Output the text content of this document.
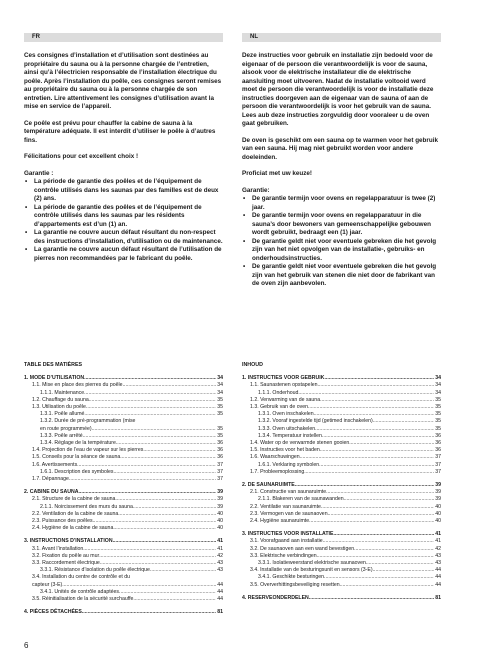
FR	NL

Ces consignes d’installation et d’utilisation sont destinées au propriétaire du sauna ou à la personne chargée de l’entretien, ainsi qu’à l’électricien responsable de l’installation électrique du poêle. Après l’installation du poêle, ces consignes seront remises au propriétaire du sauna ou à la personne chargée de son entretien. Lire attentivement les consignes d’utilisation avant la mise en service de l’appareil.

Ce poêle est prévu pour chauffer la cabine de sauna à la température adéquate. Il est interdit d’utiliser le poêle à d’autres fins.

Félicitations pour cet excellent choix !

Garantie :

• La période de garantie des poêles et de l’équipement de contrôle utilisés dans les saunas par des familles est de deux (2) ans.
• La période de garantie des poêles et de l’équipement de contrôle utilisés dans les saunas par les résidents d’appartements est d’un (1) an.
• La garantie ne couvre aucun défaut résultant du non-respect des instructions d’installation, d’utilisation ou de maintenance.
• La garantie ne couvre aucun défaut résultant de l’utilisation de pierres non recommandées par le fabricant du poêle.

Deze instructies voor gebruik en installatie zijn bedoeld voor de eigenaar of de persoon die verantwoordelijk is voor de sauna, alsook voor de elektrische installateur die de elektrische aansluiting moet uitvoeren. Nadat de installatie voltooid werd moet de persoon die verantwoordelijk is voor de installatie deze instructies doorgeven aan de eigenaar van de sauna of aan de persoon die verantwoordelijk is voor het gebruik van de sauna. Lees aub deze instructies zorgvuldig door vooraleer u de oven gaat gebruiken.

De oven is geschikt om een sauna op te warmen voor het gebruik van een sauna. Hij mag niet gebruikt worden voor andere doeleinden.

Proficiat met uw keuze!

Garantie:

• De garantie termijn voor ovens en regelapparatuur is twee (2) jaar.
• De garantie termijn voor ovens en regelapparatuur in die sauna’s door bewoners van gemeenschappelijke gebouwen wordt gebruikt, bedraagt een (1) jaar.
• De garantie geldt niet voor eventuele gebreken die het gevolg zijn van het niet opvolgen van de installatie-, gebruiks- en onderhoudsinstructies.
• De garantie geldt niet voor eventuele gebreken die het gevolg zijn van het gebruik van stenen die niet door de fabrikant van de oven zijn aanbevolen.
TABLE DES MATIÈRES
1. MODE D’UTILISATION .....	34
1.1. Mise en place des pierres du poêle .....	34
1.1.1. Maintenance .....	34
1.2. Chauffage du sauna .....	35
1.3. Utilisation du poêle .....	35
1.3.1. Poêle allumé .....	35
1.3.2. Durée de pré-programmation (mise
en route programmée) .....	35
1.3.3. Poêle arrêté .....	35
1.3.4. Réglage de la température .....	36
1.4. Projection de l’eau de vapeur sur les pierres .....	36
1.5. Conseils pour la séance de sauna .....	36
1.6. Avertissements .....	37
1.6.1. Description des symboles .....	37
1.7. Dépannage .....	37
2. CABINE DU SAUNA .....	39
2.1. Structure de la cabine de sauna .....	39
2.1.1. Noircissement des murs du sauna .....	39
2.2. Ventilation de la cabine de sauna .....	40
2.3. Puissance des poêles .....	40
2.4. Hygiène de la cabine de sauna .....	40
3. INSTRUCTIONS D’INSTALLATION .....	41
3.1. Avant l’installation .....	41
3.2. Fixation du poêle au mur .....	42
3.3. Raccordement électrique .....	43
3.3.1. Résistance d’isolation du poêle électrique .....	43
3.4. Installation du centre de contrôle et du
capteur (3-E) .....	44
3.4.1. Unités de contrôle adaptées .....	44
3.5. Réinitialisation de la sécurité surchauffe .....	44
4. PIÈCES DÉTACHÉES .....	81
INHOUD
1. INSTRUCTIES VOOR GEBRUIK .....	34
1.1. Saunastenen opstapelen .....	34
1.1.1. Onderhoud .....	34
1.2. Verwarming van de sauna .....	35
1.3. Gebruik van de oven .....	35
1.3.1. Oven inschakelen .....	35
1.3.2. Vooraf ingestelde tijd (getimed inschakelen) .....	35
1.3.3. Oven uitschakelen .....	35
1.3.4. Temperatuur instellen .....	36
1.4. Water op de verwarmde stenen gooien .....	36
1.5. Instructies voor het baden .....	36
1.6. Waarschuwingen .....	37
1.6.1. Verklaring symbolen .....	37
1.7. Probleemoplossing .....	37
2. DE SAUNARUIMTE .....	39
2.1. Constructie van saunaruimte .....	39
2.1.1. Blakeren van de saunawanden .....	39
2.2. Ventilatie van saunaruimte .....	40
2.3. Vermogen van de saunaoven .....	40
2.4. Hygiëne saunaruimte .....	40
3. INSTRUCTIES VOOR INSTALLATIE .....	41
3.1. Voorafgaand aan installatie .....	41
3.2. De saunaoven aan een wand bevestigen .....	42
3.3. Elektrische verbindingen .....	43
3.3.1. Isolatieweerstand elektrische saunaoven .....	43
3.4. Installatie van de besturingsunit en sensors (3-E) .....	44
3.4.1. Geschikte besturingen .....	44
3.5. Oververhittingsbeveiliging resetten .....	44
4. RESERVEONDERDELEN .....	81
6
